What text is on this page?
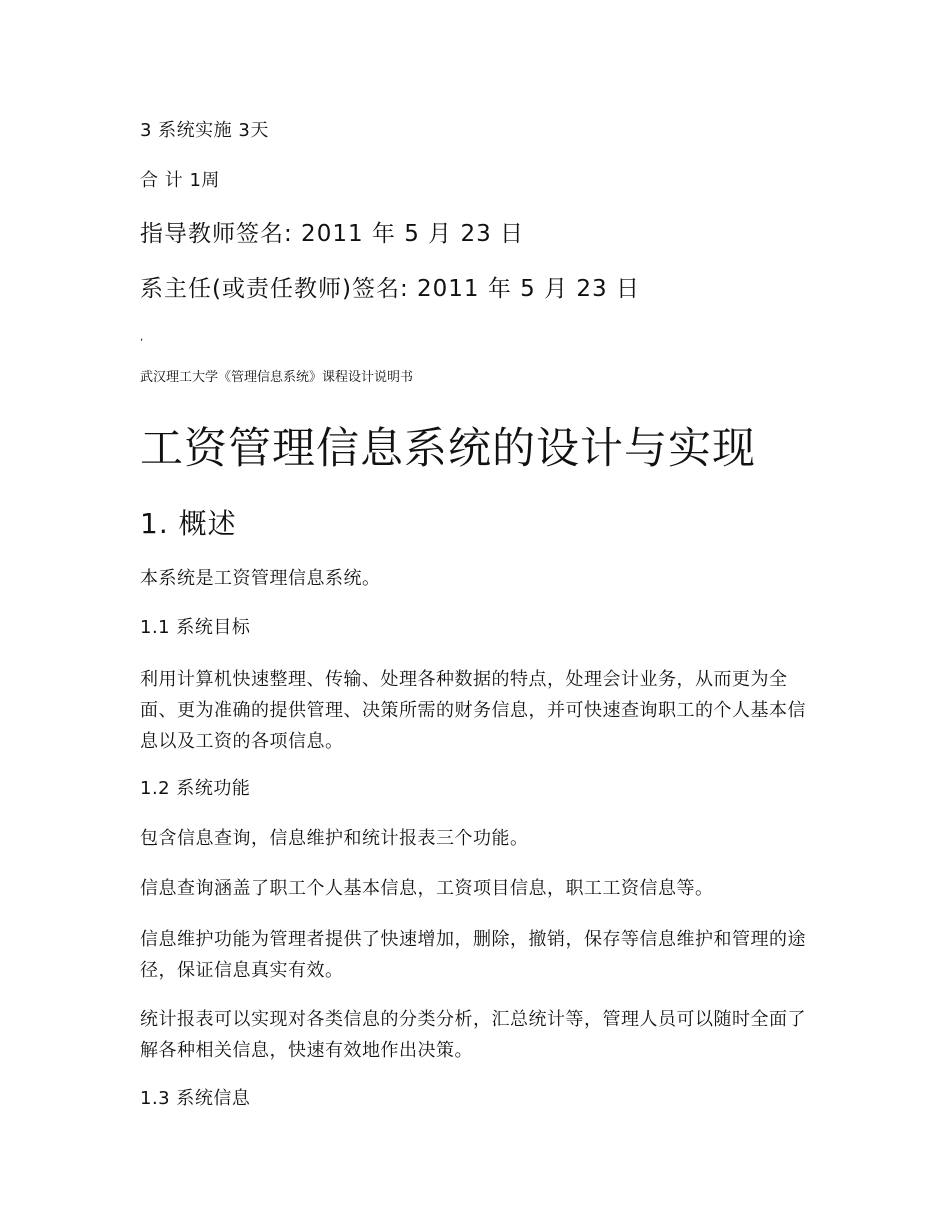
3 系统实施 3天

合 计 1周

指导教师签名: 2011 年 5 月 23 日

系主任(或责任教师)签名: 2011 年 5 月 23 日

,

武汉理工大学《管理信息系统》课程设计说明书

工资管理信息系统的设计与实现
1. 概述

本系统是工资管理信息系统。

1.1 系统目标

利用计算机快速整理、传输、处理各种数据的特点，处理会计业务，从而更为全面、更为准确的提供管理、决策所需的财务信息，并可快速查询职工的个人基本信息以及工资的各项信息。

1.2 系统功能

包含信息查询，信息维护和统计报表三个功能。

信息查询涵盖了职工个人基本信息，工资项目信息，职工工资信息等。

信息维护功能为管理者提供了快速增加，删除，撤销，保存等信息维护和管理的途径，保证信息真实有效。

统计报表可以实现对各类信息的分类分析，汇总统计等，管理人员可以随时全面了解各种相关信息，快速有效地作出决策。

1.3 系统信息
